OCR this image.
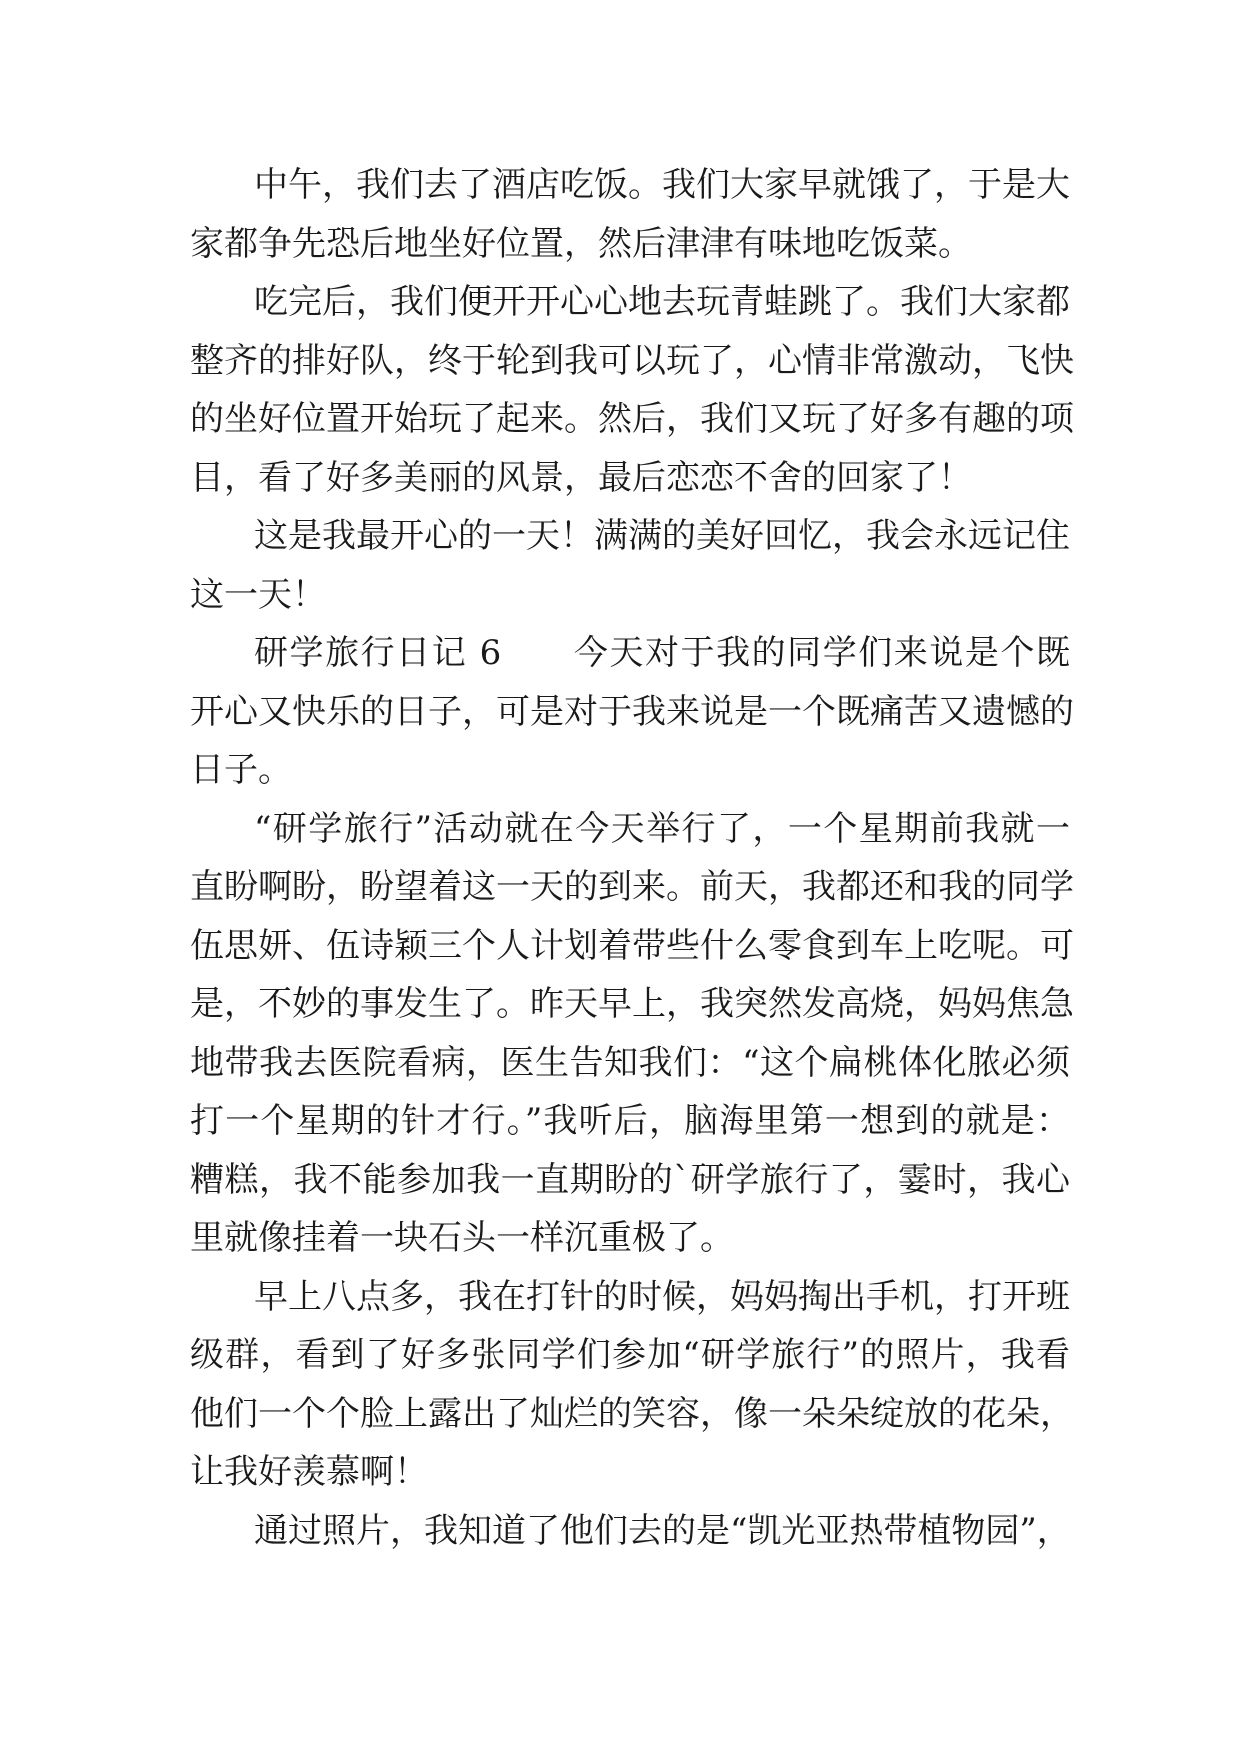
中午，我们去了酒店吃饭。我们大家早就饿了，于是大
家都争先恐后地坐好位置，然后津津有味地吃饭菜。
吃完后，我们便开开心心地去玩青蛙跳了。我们大家都
整齐的排好队，终于轮到我可以玩了，心情非常激动，飞快
的坐好位置开始玩了起来。然后，我们又玩了好多有趣的项
目，看了好多美丽的风景，最后恋恋不舍的回家了！
这是我最开心的一天！满满的美好回忆，我会永远记住
这一天！
研学旅行日记 6　　今天对于我的同学们来说是个既
开心又快乐的日子，可是对于我来说是一个既痛苦又遗憾的
日子。
“研学旅行”活动就在今天举行了，一个星期前我就一
直盼啊盼，盼望着这一天的到来。前天，我都还和我的同学
伍思妍、伍诗颖三个人计划着带些什么零食到车上吃呢。可
是，不妙的事发生了。昨天早上，我突然发高烧，妈妈焦急
地带我去医院看病，医生告知我们：“这个扁桃体化脓必须
打一个星期的针才行。”我听后，脑海里第一想到的就是：
糟糕，我不能参加我一直期盼的`研学旅行了，霎时，我心
里就像挂着一块石头一样沉重极了。
早上八点多，我在打针的时候，妈妈掏出手机，打开班
级群，看到了好多张同学们参加“研学旅行”的照片，我看
他们一个个脸上露出了灿烂的笑容，像一朵朵绽放的花朵，
让我好羡慕啊！
通过照片，我知道了他们去的是“凯光亚热带植物园”，
